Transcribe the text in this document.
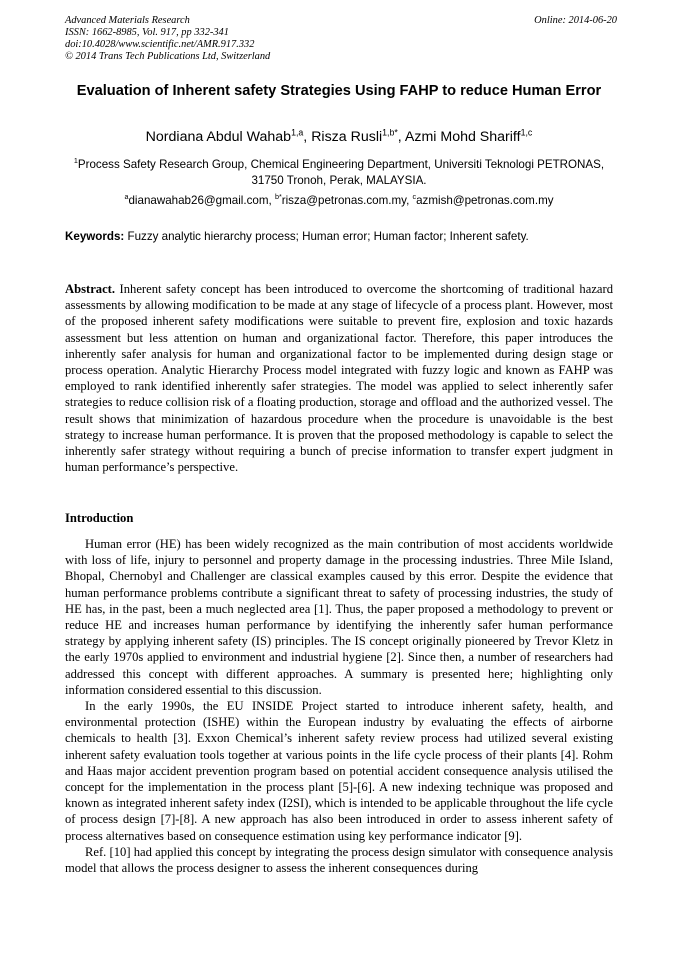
Advanced Materials Research
ISSN: 1662-8985, Vol. 917, pp 332-341
doi:10.4028/www.scientific.net/AMR.917.332
© 2014 Trans Tech Publications Ltd, Switzerland
Online: 2014-06-20
Evaluation of Inherent safety Strategies Using FAHP to reduce Human Error
Nordiana Abdul Wahab$^{1,a}$, Risza Rusli$^{1,b*}$, Azmi Mohd Shariff$^{1,c}$
$^1$Process Safety Research Group, Chemical Engineering Department, Universiti Teknologi PETRONAS, 31750 Tronoh, Perak, MALAYSIA.
$^a$dianawahab26@gmail.com, $^{b*}$risza@petronas.com.my, $^c$azmish@petronas.com.my
Keywords: Fuzzy analytic hierarchy process; Human error; Human factor; Inherent safety.
Abstract. Inherent safety concept has been introduced to overcome the shortcoming of traditional hazard assessments by allowing modification to be made at any stage of lifecycle of a process plant. However, most of the proposed inherent safety modifications were suitable to prevent fire, explosion and toxic hazards assessment but less attention on human and organizational factor. Therefore, this paper introduces the inherently safer analysis for human and organizational factor to be implemented during design stage or process operation. Analytic Hierarchy Process model integrated with fuzzy logic and known as FAHP was employed to rank identified inherently safer strategies. The model was applied to select inherently safer strategies to reduce collision risk of a floating production, storage and offload and the authorized vessel. The result shows that minimization of hazardous procedure when the procedure is unavoidable is the best strategy to increase human performance. It is proven that the proposed methodology is capable to select the inherently safer strategy without requiring a bunch of precise information to transfer expert judgment in human performance’s perspective.
Introduction

Human error (HE) has been widely recognized as the main contribution of most accidents worldwide with loss of life, injury to personnel and property damage in the processing industries. Three Mile Island, Bhopal, Chernobyl and Challenger are classical examples caused by this error. Despite the evidence that human performance problems contribute a significant threat to safety of processing industries, the study of HE has, in the past, been a much neglected area [1]. Thus, the paper proposed a methodology to prevent or reduce HE and increases human performance by identifying the inherently safer human performance strategy by applying inherent safety (IS) principles. The IS concept originally pioneered by Trevor Kletz in the early 1970s applied to environment and industrial hygiene [2]. Since then, a number of researchers had addressed this concept with different approaches. A summary is presented here; highlighting only information considered essential to this discussion.

In the early 1990s, the EU INSIDE Project started to introduce inherent safety, health, and environmental protection (ISHE) within the European industry by evaluating the effects of airborne chemicals to health [3]. Exxon Chemical’s inherent safety review process had utilized several existing inherent safety evaluation tools together at various points in the life cycle process of their plants [4]. Rohm and Haas major accident prevention program based on potential accident consequence analysis utilised the concept for the implementation in the process plant [5]-[6]. A new indexing technique was proposed and known as integrated inherent safety index (I2SI), which is intended to be applicable throughout the life cycle of process design [7]-[8]. A new approach has also been introduced in order to assess inherent safety of process alternatives based on consequence estimation using key performance indicator [9].

Ref. [10] had applied this concept by integrating the process design simulator with consequence analysis model that allows the process designer to assess the inherent consequences during
